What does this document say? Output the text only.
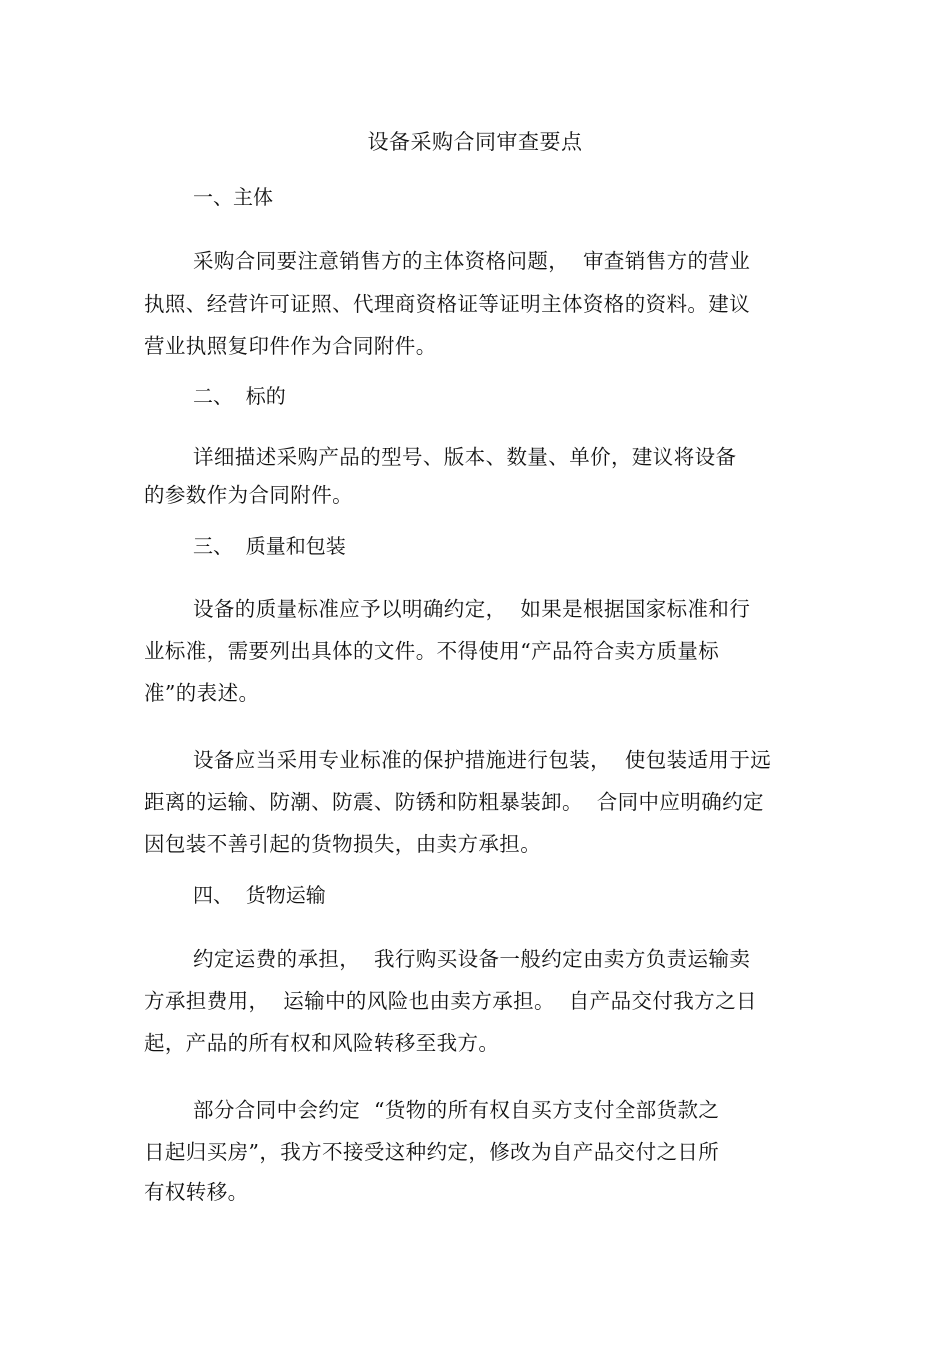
设备采购合同审查要点
一、主体
采购合同要注意销售方的主体资格问题，  审查销售方的营业
执照、经营许可证照、代理商资格证等证明主体资格的资料。建议
营业执照复印件作为合同附件。
二、  标的
详细描述采购产品的型号、版本、数量、单价，建议将设备
的参数作为合同附件。
三、  质量和包装
设备的质量标准应予以明确约定，  如果是根据国家标准和行
业标准，需要列出具体的文件。不得使用“产品符合卖方质量标
准”的表述。
设备应当采用专业标准的保护措施进行包装，  使包装适用于远
距离的运输、防潮、防震、防锈和防粗暴装卸。  合同中应明确约定
因包装不善引起的货物损失，由卖方承担。
四、  货物运输
约定运费的承担，  我行购买设备一般约定由卖方负责运输卖
方承担费用，  运输中的风险也由卖方承担。  自产品交付我方之日
起，产品的所有权和风险转移至我方。
部分合同中会约定  “货物的所有权自买方支付全部货款之
日起归买房”，我方不接受这种约定，修改为自产品交付之日所
有权转移。
